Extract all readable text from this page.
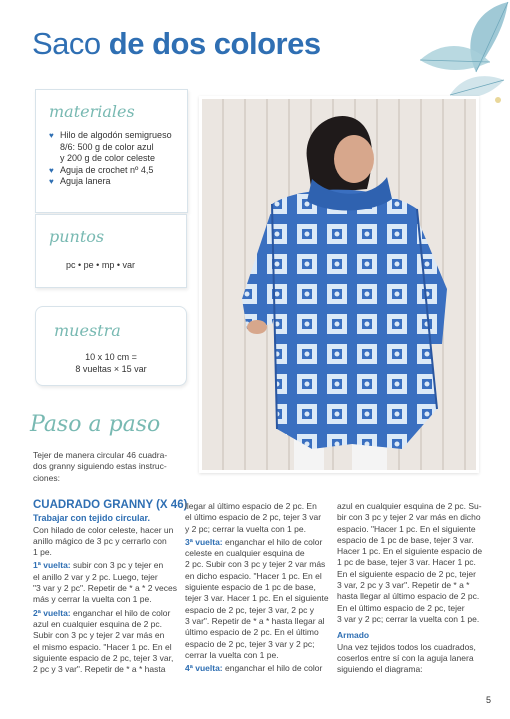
Saco de dos colores
materiales
♥ Hilo de algodón semigrueso
8/6: 500 g de color azul
y 200 g de color celeste
♥ Aguja de crochet nº 4,5
♥ Aguja lanera
puntos
pc • pe • mp • var
muestra
10 x 10 cm =
8 vueltas × 15 var
Paso a paso

Tejer de manera circular 46 cuadra-

dos granny siguiendo estas instruc-

ciones:

CUADRADO GRANNY (X 46)
Trabajar con tejido circular.

Con hilado de color celeste, hacer un

anillo mágico de 3 pc y cerrarlo con

1 pe.

1ª vuelta: subir con 3 pc y tejer en

el anillo 2 var y 2 pc. Luego, tejer

"3 var y 2 pc". Repetir de * a * 2 veces

más y cerrar la vuelta con 1 pe.

2ª vuelta: enganchar el hilo de color

azul en cualquier esquina de 2 pc.

Subir con 3 pc y tejer 2 var más en

el mismo espacio. "Hacer 1 pc. En el

siguiente espacio de 2 pc, tejer 3 var,

2 pc y 3 var". Repetir de * a * hasta

llegar al último espacio de 2 pc. En

el último espacio de 2 pc, tejer 3 var

y 2 pc; cerrar la vuelta con 1 pe.

3ª vuelta: enganchar el hilo de color

celeste en cualquier esquina de

2 pc. Subir con 3 pc y tejer 2 var más

en dicho espacio. "Hacer 1 pc. En el

siguiente espacio de 1 pc de base,

tejer 3 var. Hacer 1 pc. En el siguiente

espacio de 2 pc, tejer 3 var, 2 pc y

3 var". Repetir de * a * hasta llegar al

último espacio de 2 pc. En el último

espacio de 2 pc, tejer 3 var y 2 pc;

cerrar la vuelta con 1 pe.

4ª vuelta: enganchar el hilo de color

azul en cualquier esquina de 2 pc. Su-

bir con 3 pc y tejer 2 var más en dicho

espacio. "Hacer 1 pc. En el siguiente

espacio de 1 pc de base, tejer 3 var.

Hacer 1 pc. En el siguiente espacio de

1 pc de base, tejer 3 var. Hacer 1 pc.

En el siguiente espacio de 2 pc, tejer

3 var, 2 pc y 3 var". Repetir de * a *

hasta llegar al último espacio de 2 pc.

En el último espacio de 2 pc, tejer

3 var y 2 pc; cerrar la vuelta con 1 pe.

Armado

Una vez tejidos todos los cuadrados,

coserlos entre sí con la aguja lanera

siguiendo el diagrama:

5
